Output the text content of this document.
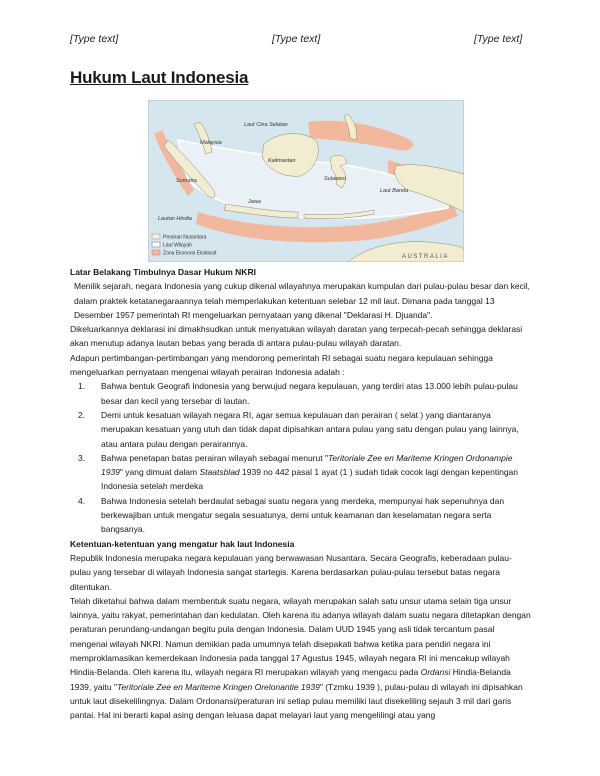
[Type text]	[Type text]	[Type text]
Hukum Laut Indonesia
Laut Cina Selatan
Malaysia
Sumatra
Kalimantan
Sulawesi
Jawa
Laut Banda
Lautan Hindia
AUSTRALIA
Perairan Nusantara
Laut Wilayah
Zona Ekonomi Eksklusif

Latar Belakang Timbulnya Dasar Hukum NKRI

Menilik sejarah, negara Indonesia yang cukup dikenal wilayahnya merupakan kumpulan dari pulau-pulau besar dan kecil, dalam praktek ketatanegaraannya telah memperlakukan ketentuan selebar 12 mil laut. Dimana pada tanggal 13 Desember 1957 pemerintah RI mengeluarkan pernyataan yang dikenal "Deklarasi H. Djuanda".

Dikeluarkannya deklarasi ini dimakhsudkan untuk menyatukan wilayah daratan yang terpecah-pecah sehingga deklarasi akan menutup adanya lautan bebas yang berada di antara pulau-pulau wilayah daratan.

Adapun pertimbangan-pertimbangan yang mendorong pemerintah RI sebagai suatu negara kepulauan sehingga mengeluarkan pernyataan mengenai wilayah perairan Indonesia adalah :

1. Bahwa bentuk Geografi Indonesia yang berwujud negara kepulauan, yang terdiri atas 13.000 lebih pulau-pulau besar dan kecil yang tersebar di lautan.
2. Demi untuk kesatuan wilayah negara RI, agar semua kepulauan dan perairan ( selat ) yang diantaranya merupakan kesatuan yang utuh dan tidak dapat dipisahkan antara pulau yang satu dengan pulau yang lainnya, atau antara pulau dengan perairannya.
3. Bahwa penetapan batas perairan wilayah sebagai menurut "Teritoriale Zee en Mariteme Kringen Ordonampie 1939" yang dimuat dalam Staatsblad 1939 no 442 pasal 1 ayat (1 ) sudah tidak cocok lagi dengan kepentingan Indonesia setelah merdeka
4. Bahwa Indonesia setelah berdaulat sebagai suatu negara yang merdeka, mempunyai hak sepenuhnya dan berkewajiban untuk mengatur segala sesuatunya, demi untuk keamanan dan keselamatan negara serta bangsanya.

Ketentuan-ketentuan yang mengatur hak laut Indonesia

Republik Indonesia merupaka negara kepulauan yang berwawasan Nusantara. Secara Geografis, keberadaan pulau-pulau yang tersebar di wilayah Indonesia sangat startegis. Karena berdasarkan pulau-pulau tersebut batas negara ditentukan.

Telah diketahui bahwa dalam membentuk suatu negara, wilayah merupakan salah satu unsur utama selain tiga unsur lainnya, yaitu rakyat, pemerintahan dan kedulatan. Oleh karena itu adanya wilayah dalam suatu negara ditetapkan dengan peraturan perundang-undangan begitu pula dengan Indonesia. Dalam UUD 1945 yang asli tidak tercantum pasal mengenai wilayah NKRI. Namun demikian pada umumnya telah disepakati bahwa ketika para pendiri negara ini memproklamasikan kemerdekaan Indonesia pada tanggal 17 Agustus 1945, wilayah negara RI ini mencakup wilayah Hindia-Belanda. Oleh karena itu, wilayah negara RI merupakan wilayah yang mengacu pada Ordansi Hindia-Belanda 1939, yaitu "Teritoriale Zee en Mariteme Kringen Orelonantie 1939" (Tzmku 1939 ), pulau-pulau di wilayah ini dipisahkan untuk laut disekelilingnya. Dalam Ordonansi/peraturan ini setiap pulau memiliki laut disekeliling sejauh 3 mil dari garis pantai. Hal ini berarti kapal asing dengan leluasa dapat melayari laut yang mengelilingi atau yang
